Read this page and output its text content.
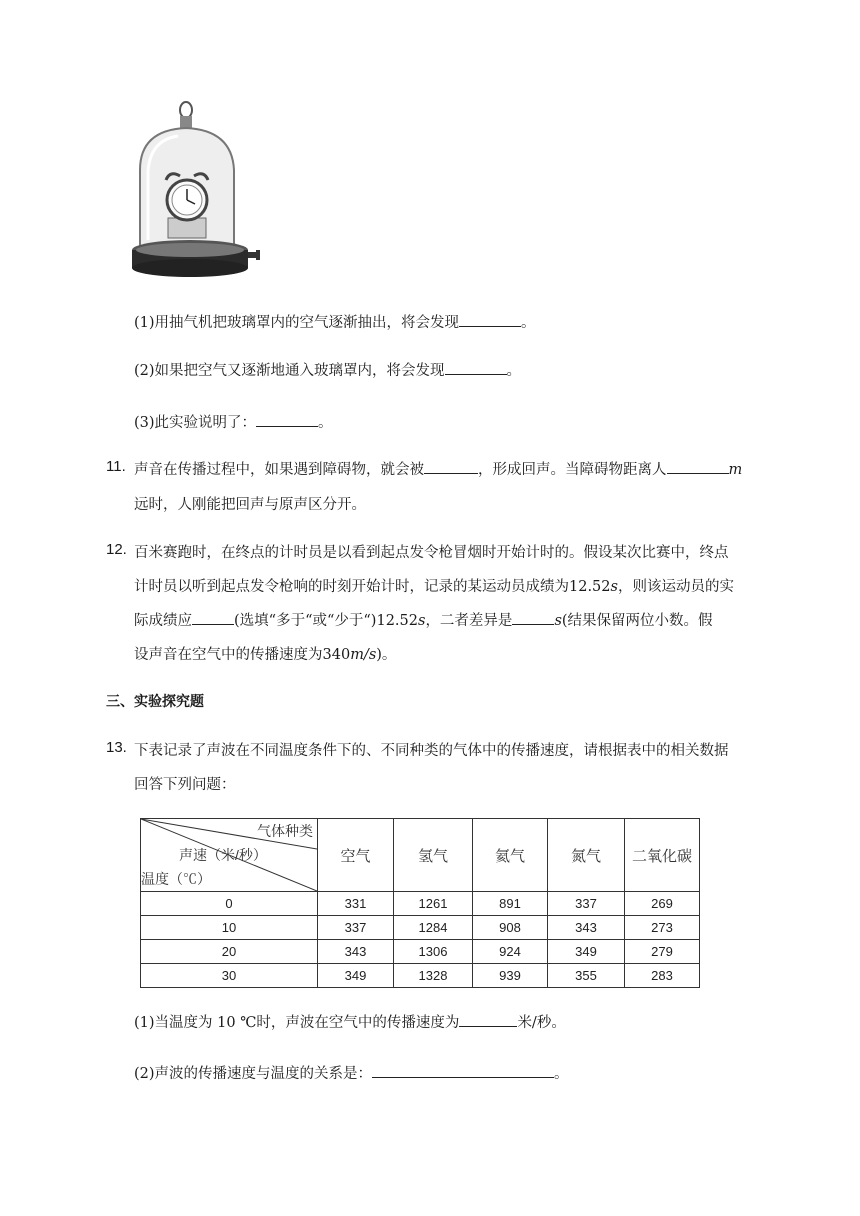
(1)用抽气机把玻璃罩内的空气逐渐抽出，将会发现	。
(2)如果把空气又逐渐地通入玻璃罩内，将会发现	。
(3)此实验说明了：	。
11. 声音在传播过程中，如果遇到障碍物，就会被	，形成回声。当障碍物距离人	m
远时，人刚能把回声与原声区分开。
12. 百米赛跑时，在终点的计时员是以看到起点发令枪冒烟时开始计时的。假设某次比赛中，终点
计时员以听到起点发令枪响的时刻开始计时，记录的某运动员成绩为12.52s，则该运动员的实
际成绩应	(选填“多于“或“少于“)12.52s，二者差异是	s(结果保留两位小数。假
设声音在空气中的传播速度为340m/s)。
三、实验探究题
13. 下表记录了声波在不同温度条件下的、不同种类的气体中的传播速度，请根据表中的相关数据
回答下列问题：
气体种类
声速（米/秒）
温度（℃）	空气	氢气	氦气	氮气	二氧化碳
0	331	1261	891	337	269
10	337	1284	908	343	273
20	343	1306	924	349	279
30	349	1328	939	355	283
(1)当温度为 10 ℃时，声波在空气中的传播速度为	米/秒。
(2)声波的传播速度与温度的关系是：	。
